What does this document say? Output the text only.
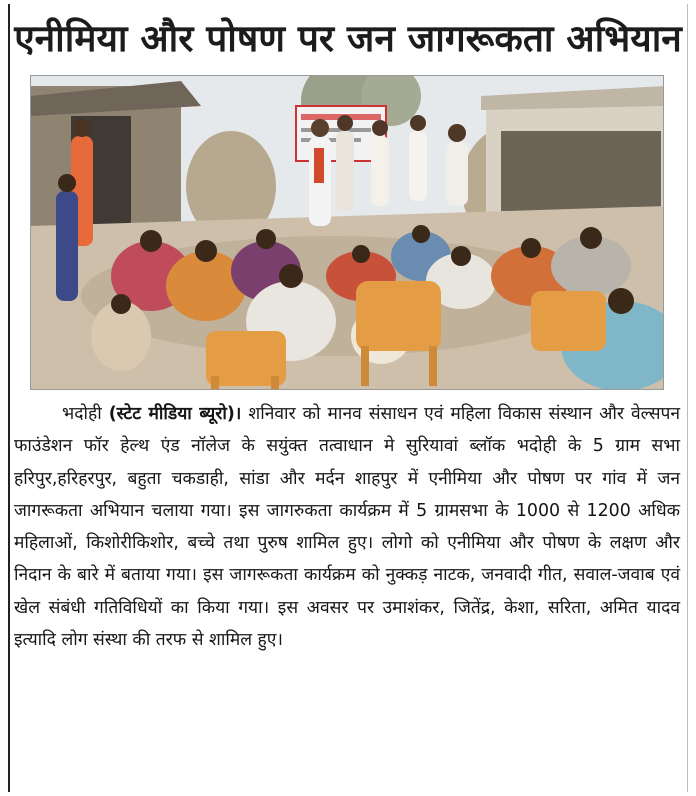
एनीमिया और पोषण पर जन जागरूकता अभियान

भदोही (स्टेट मीडिया ब्यूरो)। शनिवार को मानव संसाधन एवं महिला विकास संस्थान और वेल्सपन फाउंडेशन फॉर हेल्थ एंड नॉलेज के सयुंक्त तत्वाधान मे सुरियावां ब्लॉक भदोही के 5 ग्राम सभा हरिपुर,हरिहरपुर, बहुता चकडाही, सांडा और मर्दन शाहपुर में एनीमिया और पोषण पर गांव में जन जागरूकता अभियान चलाया गया। इस जागरुकता कार्यक्रम में 5 ग्रामसभा के 1000 से 1200 अधिक महिलाओं, किशोरीकिशोर, बच्चे तथा पुरुष शामिल हुए। लोगो को एनीमिया और पोषण के लक्षण और निदान के बारे में बताया गया। इस जागरूकता कार्यक्रम को नुक्कड़ नाटक, जनवादी गीत, सवाल-जवाब एवं खेल संबंधी गतिविधियों का किया गया। इस अवसर पर उमाशंकर, जितेंद्र, केशा, सरिता, अमित यादव इत्यादि लोग संस्था की तरफ से शामिल हुए।
